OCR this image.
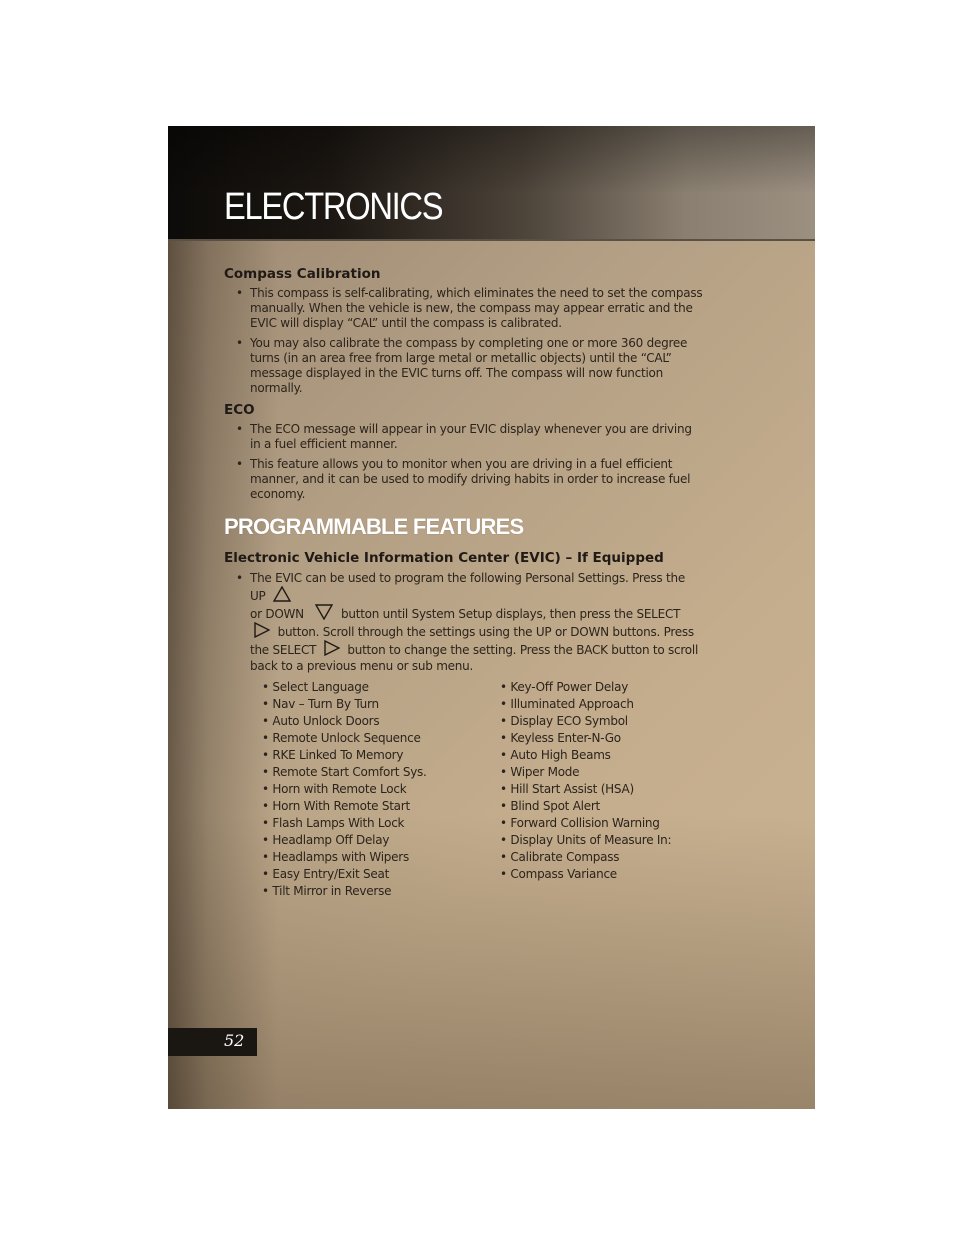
ELECTRONICS
Compass Calibration
• This compass is self-calibrating, which eliminates the need to set the compass manually. When the vehicle is new, the compass may appear erratic and the EVIC will display “CAL” until the compass is calibrated.
• You may also calibrate the compass by completing one or more 360 degree turns (in an area free from large metal or metallic objects) until the “CAL” message displayed in the EVIC turns off. The compass will now function normally.
ECO
• The ECO message will appear in your EVIC display whenever you are driving in a fuel efficient manner.
• This feature allows you to monitor when you are driving in a fuel efficient manner, and it can be used to modify driving habits in order to increase fuel economy.
PROGRAMMABLE FEATURES
Electronic Vehicle Information Center (EVIC) – If Equipped
• The EVIC can be used to program the following Personal Settings. Press the UP
or DOWN	button until System Setup displays, then press the SELECT  button. Scroll through the settings using the UP or DOWN buttons. Press the SELECT	button to change the setting. Press the BACK button to scroll back to a previous menu or sub menu.
• Select Language
• Nav – Turn By Turn
• Auto Unlock Doors
• Remote Unlock Sequence
• RKE Linked To Memory
• Remote Start Comfort Sys.
• Horn with Remote Lock
• Horn With Remote Start
• Flash Lamps With Lock
• Headlamp Off Delay
• Headlamps with Wipers
• Easy Entry/Exit Seat
• Tilt Mirror in Reverse
• Key-Off Power Delay
• Illuminated Approach
• Display ECO Symbol
• Keyless Enter-N-Go
• Auto High Beams
• Wiper Mode
• Hill Start Assist (HSA)
• Blind Spot Alert
• Forward Collision Warning
• Display Units of Measure In:
• Calibrate Compass
• Compass Variance
52
